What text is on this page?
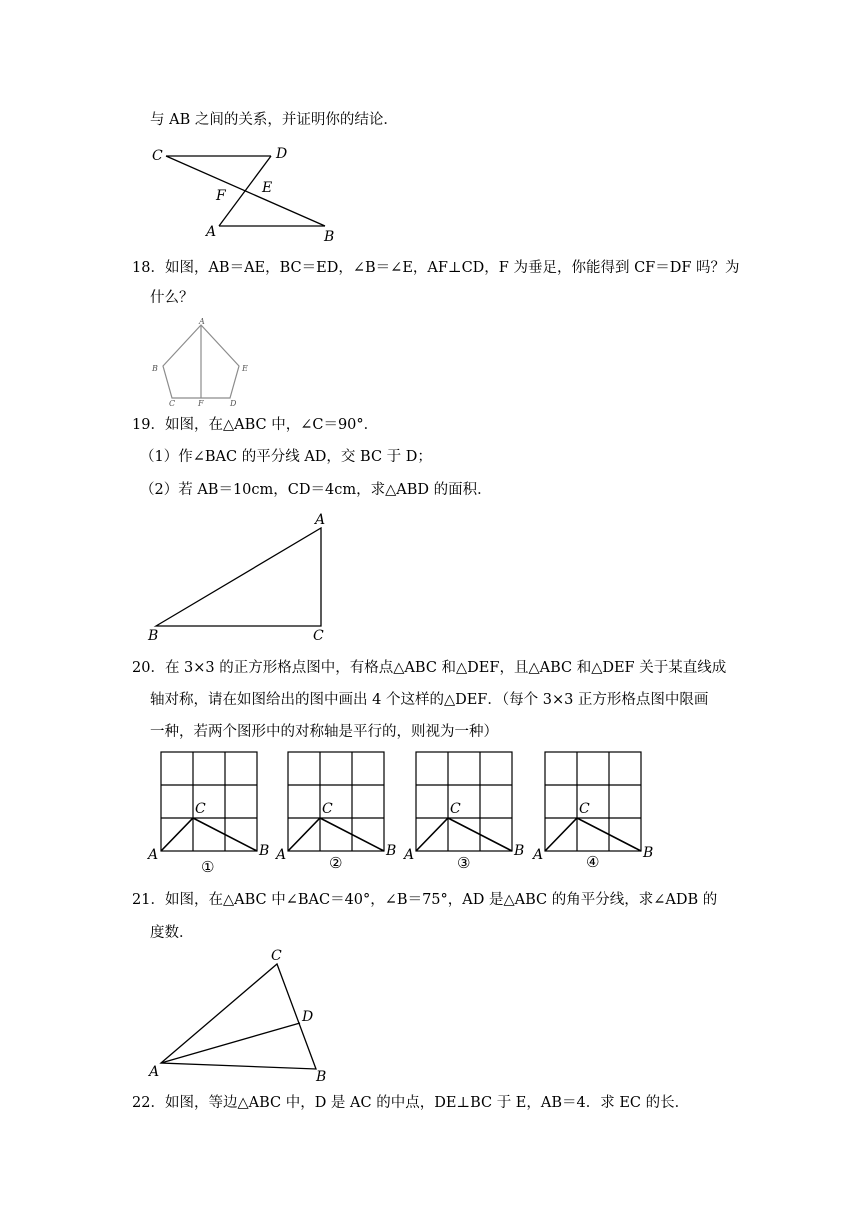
与 AB 之间的关系，并证明你的结论．
C	D
F	E
A	B
18．如图，AB＝AE，BC＝ED，∠B＝∠E，AF⊥CD，F 为垂足，你能得到 CF＝DF 吗？为
什么？
A
B
C	F	D
E
19．如图，在△ABC 中，∠C＝90°．
（1）作∠BAC 的平分线 AD，交 BC 于 D；
（2）若 AB＝10cm，CD＝4cm，求△ABD 的面积．
A
B	C
20．在 3×3 的正方形格点图中，有格点△ABC 和△DEF，且△ABC 和△DEF 关于某直线成
轴对称，请在如图给出的图中画出 4 个这样的△DEF．（每个 3×3 正方形格点图中限画
一种，若两个图形中的对称轴是平行的，则视为一种）
C
A	B
①
C
A	B
②
C
A	B
③
C
A	B
④
21．如图，在△ABC 中∠BAC＝40°，∠B＝75°，AD 是△ABC 的角平分线，求∠ADB 的
度数．
C
D
A	B
22．如图，等边△ABC 中，D 是 AC 的中点，DE⊥BC 于 E，AB＝4．求 EC 的长．
